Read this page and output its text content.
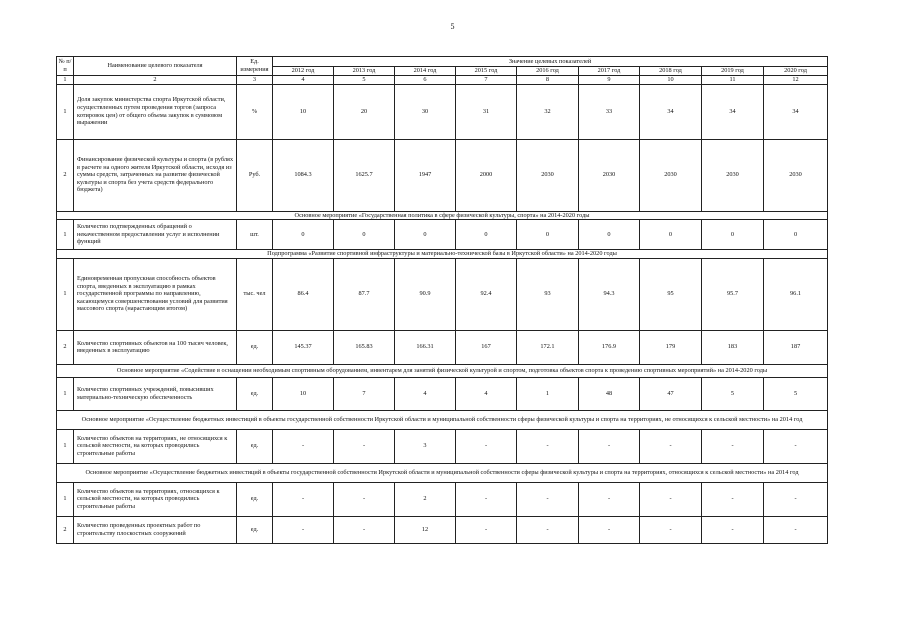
5
№ п/п	Наименование целевого показателя	Ед. измерения	Значение целевых показателей								
			2012 год	2013 год	2014 год	2015 год	2016 год	2017 год	2018 год	2019 год	2020 год
1	2	3	4	5	6	7	8	9	10	11	12
1	Доля закупок министерства спорта Иркутской области, осуществленных путем проведения торгов (запроса котировок цен) от общего объема закупок в суммовом выражении	%	10	20	30	31	32	33	34	34	34
2	Финансирование физической культуры и спорта (в рублях в расчете на одного жителя Иркутской области, исходя из суммы средств, затраченных на развитие физической культуры и спорта без учета средств федерального бюджета)	Руб.	1084.3	1625.7	1947	2000	2030	2030	2030	2030	2030
Основное мероприятие «Государственная политика в сфере физической культуры, спорта» на 2014-2020 годы											
1	Количество подтвержденных обращений о некачественном предоставлении услуг и исполнении функций	шт.	0	0	0	0	0	0	0	0	0
Подпрограмма «Развитие спортивной инфраструктуры и материально-технической базы в Иркутской области» на 2014-2020 годы											
1	Единовременная пропускная способность объектов спорта, введенных в эксплуатацию в рамках государственной программы по направлению, касающемуся совершенствования условий для развития массового спорта (нарастающим итогом)	тыс. чел	86.4	87.7	90.9	92.4	93	94.3	95	95.7	96.1
2	Количество спортивных объектов на 100 тысяч человек, введенных в эксплуатацию	ед.	145.37	165.83	166.31	167	172.1	176.9	179	183	187
Основное мероприятие «Содействие в оснащении необходимым спортивным оборудованием, инвентарем для занятий физической культурой и спортом, подготовка объектов спорта к проведению спортивных мероприятий» на 2014-2020 годы											
1	Количество спортивных учреждений, повысивших материально-техническую обеспеченность	ед.	10	7	4	4	1	48	47	5	5
Основное мероприятие «Осуществление бюджетных инвестиций в объекты государственной собственности Иркутской области и муниципальной собственности сферы физической культуры и спорта на территориях, не относящихся к сельской местности» на 2014 год											
1	Количество объектов на территориях, не относящихся к сельской местности, на которых проводились строительные работы	ед.	-	-	3	-	-	-	-	-	-
Основное мероприятие «Осуществление бюджетных инвестиций в объекты государственной собственности Иркутской области и муниципальной собственности сферы физической культуры и спорта на территориях, относящихся к сельской местности» на 2014 год											
1	Количество объектов на территориях, относящихся к сельской местности, на которых проводились строительные работы	ед.	-	-	2	-	-	-	-	-	-
2	Количество проведенных проектных работ по строительству плоскостных сооружений	ед.	-	-	12	-	-	-	-	-	-
